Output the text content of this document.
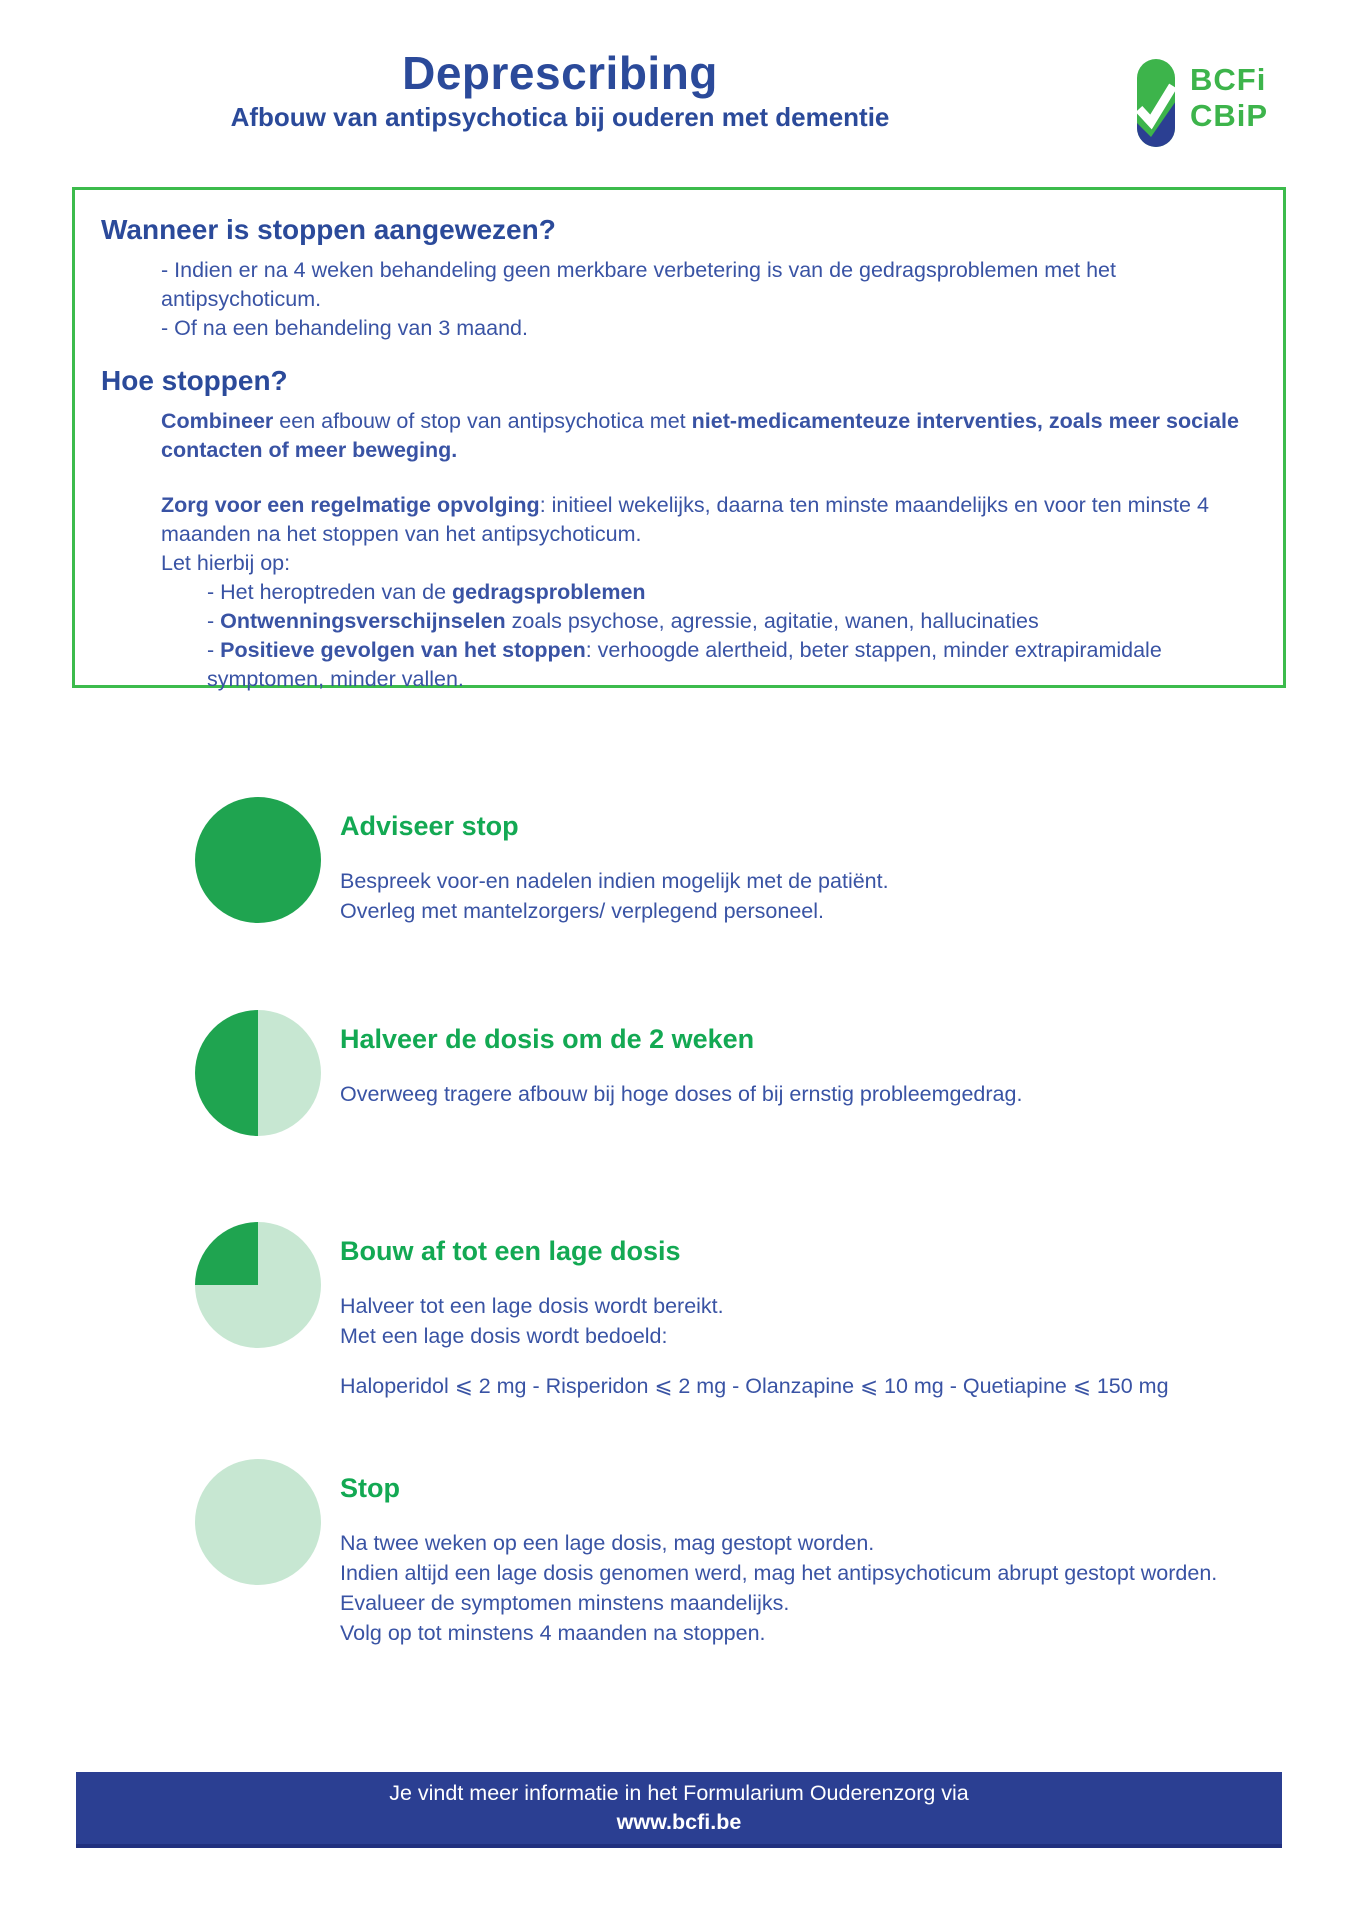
Deprescribing
Afbouw van antipsychotica bij ouderen met dementie
BCFi
CBiP
Wanneer is stoppen aangewezen?

- Indien er na 4 weken behandeling geen merkbare verbetering is van de gedragsproblemen met het antipsychoticum.

- Of na een behandeling van 3 maand.

Hoe stoppen?

Combineer een afbouw of stop van antipsychotica met niet-medicamenteuze interventies, zoals meer sociale contacten of meer beweging.

Zorg voor een regelmatige opvolging: initieel wekelijks, daarna ten minste maandelijks en voor ten minste 4 maanden na het stoppen van het antipsychoticum.

Let hierbij op:

- Het heroptreden van de gedragsproblemen

- Ontwenningsverschijnselen zoals psychose, agressie, agitatie, wanen, hallucinaties

- Positieve gevolgen van het stoppen: verhoogde alertheid, beter stappen, minder extrapiramidale symptomen, minder vallen.

Adviseer stop
Bespreek voor-en nadelen indien mogelijk met de patiënt.
Overleg met mantelzorgers/ verplegend personeel.
Halveer de dosis om de 2 weken
Overweeg tragere afbouw bij hoge doses of bij ernstig probleemgedrag.
Bouw af tot een lage dosis
Halveer tot een lage dosis wordt bereikt.
Met een lage dosis wordt bedoeld:
Haloperidol ⩽ 2 mg - Risperidon ⩽ 2 mg - Olanzapine ⩽ 10 mg - Quetiapine ⩽ 150 mg
Stop
Na twee weken op een lage dosis, mag gestopt worden.
Indien altijd een lage dosis genomen werd, mag het antipsychoticum abrupt gestopt worden.
Evalueer de symptomen minstens maandelijks.
Volg op tot minstens 4 maanden na stoppen.
Je vindt meer informatie in het Formularium Ouderenzorg via
www.bcfi.be
